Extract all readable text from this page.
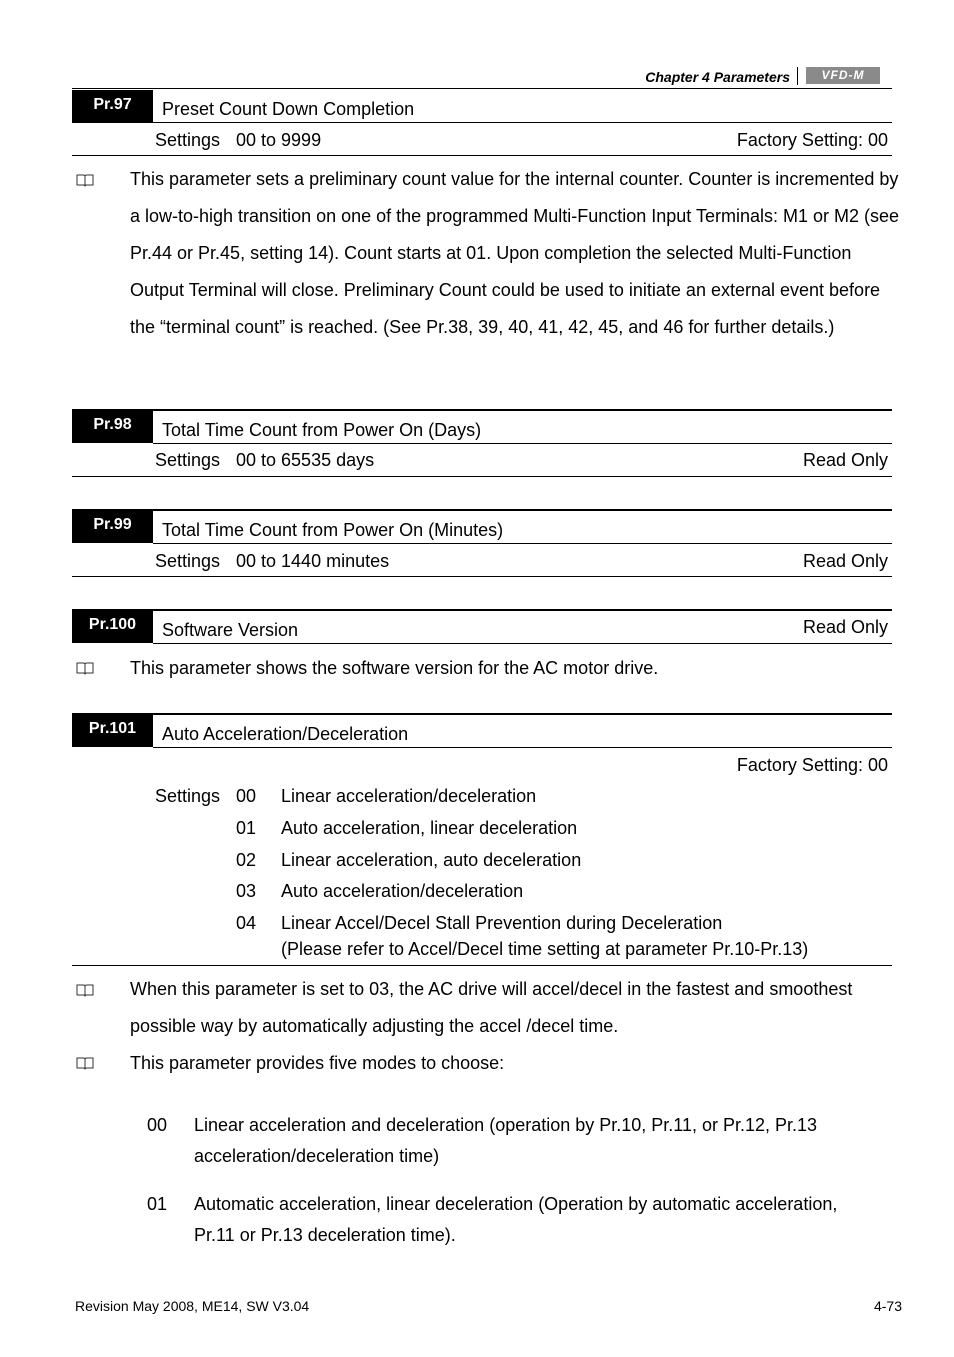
Chapter 4 Parameters	VFD-M
Pr.97	Preset Count Down Completion
Settings 00 to 9999	Factory Setting: 00
This parameter sets a preliminary count value for the internal counter. Counter is incremented by a low-to-high transition on one of the programmed Multi-Function Input Terminals: M1 or M2 (see Pr.44 or Pr.45, setting 14). Count starts at 01. Upon completion the selected Multi-Function Output Terminal will close. Preliminary Count could be used to initiate an external event before the “terminal count” is reached. (See Pr.38, 39, 40, 41, 42, 45, and 46 for further details.)
Pr.98	Total Time Count from Power On (Days)
Settings 00 to 65535 days	Read Only
Pr.99	Total Time Count from Power On (Minutes)
Settings 00 to 1440 minutes	Read Only
Pr.100	Software Version	Read Only
This parameter shows the software version for the AC motor drive.
Pr.101	Auto Acceleration/Deceleration
Factory Setting: 00
Settings 00 Linear acceleration/deceleration
01 Auto acceleration, linear deceleration
02 Linear acceleration, auto deceleration
03 Auto acceleration/deceleration
04 Linear Accel/Decel Stall Prevention during Deceleration
(Please refer to Accel/Decel time setting at parameter Pr.10-Pr.13)
When this parameter is set to 03, the AC drive will accel/decel in the fastest and smoothest possible way by automatically adjusting the accel /decel time.
This parameter provides five modes to choose:
00 Linear acceleration and deceleration (operation by Pr.10, Pr.11, or Pr.12, Pr.13
acceleration/deceleration time)
01 Automatic acceleration, linear deceleration (Operation by automatic acceleration,
Pr.11 or Pr.13 deceleration time).
Revision May 2008, ME14, SW V3.04	4-73
